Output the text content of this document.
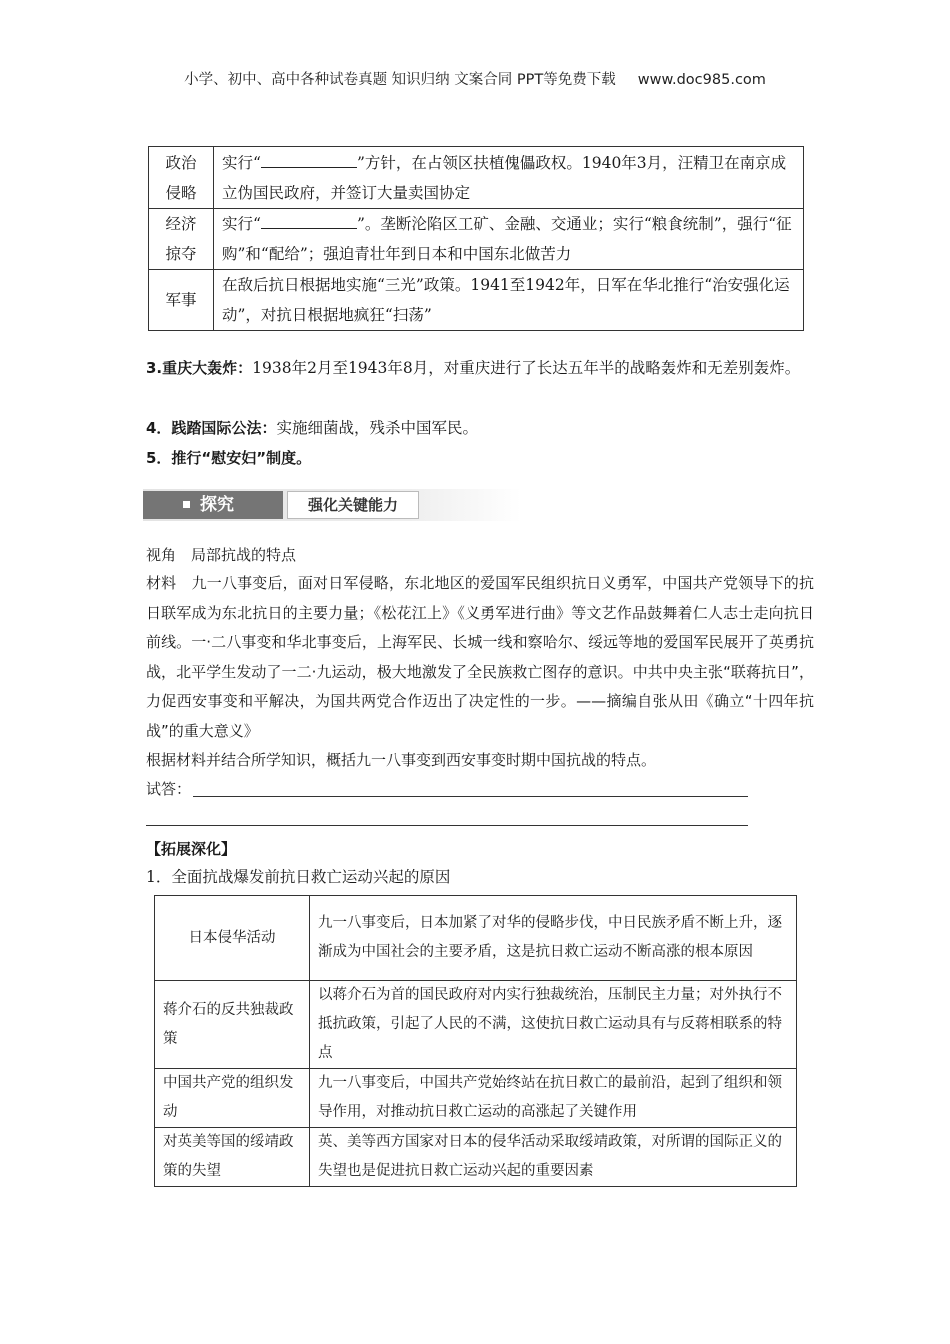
小学、初中、高中各种试卷真题 知识归纳 文案合同 PPT等免费下载 www.doc985.com
政治
侵略	实行“ ”方针，在占领区扶植傀儡政权。1940年3月，汪精卫在南京成立伪国民政府，并签订大量卖国协定
经济
掠夺	实行“ ”。垄断沦陷区工矿、金融、交通业；实行“粮食统制”，强行“征购”和“配给”；强迫青壮年到日本和中国东北做苦力
军事	在敌后抗日根据地实施“三光”政策。1941至1942年，日军在华北推行“治安强化运动”，对抗日根据地疯狂“扫荡”
3.重庆大轰炸：1938年2月至1943年8月，对重庆进行了长达五年半的战略轰炸和无差别轰炸。
4．践踏国际公法：实施细菌战，残杀中国军民。
5．推行“慰安妇”制度。
探究	强化关键能力
视角　局部抗战的特点
材料　 九一八事变后，面对日军侵略，东北地区的爱国军民组织抗日义勇军，中国共产党领导下的抗日联军成为东北抗日的主要力量；《松花江上》《义勇军进行曲》等文艺作品鼓舞着仁人志士走向抗日前线。一·二八事变和华北事变后，上海军民、长城一线和察哈尔、绥远等地的爱国军民展开了英勇抗战，北平学生发动了一二·九运动，极大地激发了全民族救亡图存的意识。中共中央主张“联蒋抗日”，力促西安事变和平解决，为国共两党合作迈出了决定性的一步。——摘编自张从田《确立“十四年抗战”的重大意义》
根据材料并结合所学知识，概括九一八事变到西安事变时期中国抗战的特点。
试答：
【拓展深化】
1．全面抗战爆发前抗日救亡运动兴起的原因
日本侵华活动	九一八事变后，日本加紧了对华的侵略步伐，中日民族矛盾不断上升，逐渐成为中国社会的主要矛盾，这是抗日救亡运动不断高涨的根本原因
蒋介石的反共独裁政策	以蒋介石为首的国民政府对内实行独裁统治，压制民主力量；对外执行不抵抗政策，引起了人民的不满，这使抗日救亡运动具有与反蒋相联系的特点
中国共产党的组织发动	九一八事变后，中国共产党始终站在抗日救亡的最前沿，起到了组织和领导作用，对推动抗日救亡运动的高涨起了关键作用
对英美等国的绥靖政策的失望	英、美等西方国家对日本的侵华活动采取绥靖政策，对所谓的国际正义的失望也是促进抗日救亡运动兴起的重要因素
